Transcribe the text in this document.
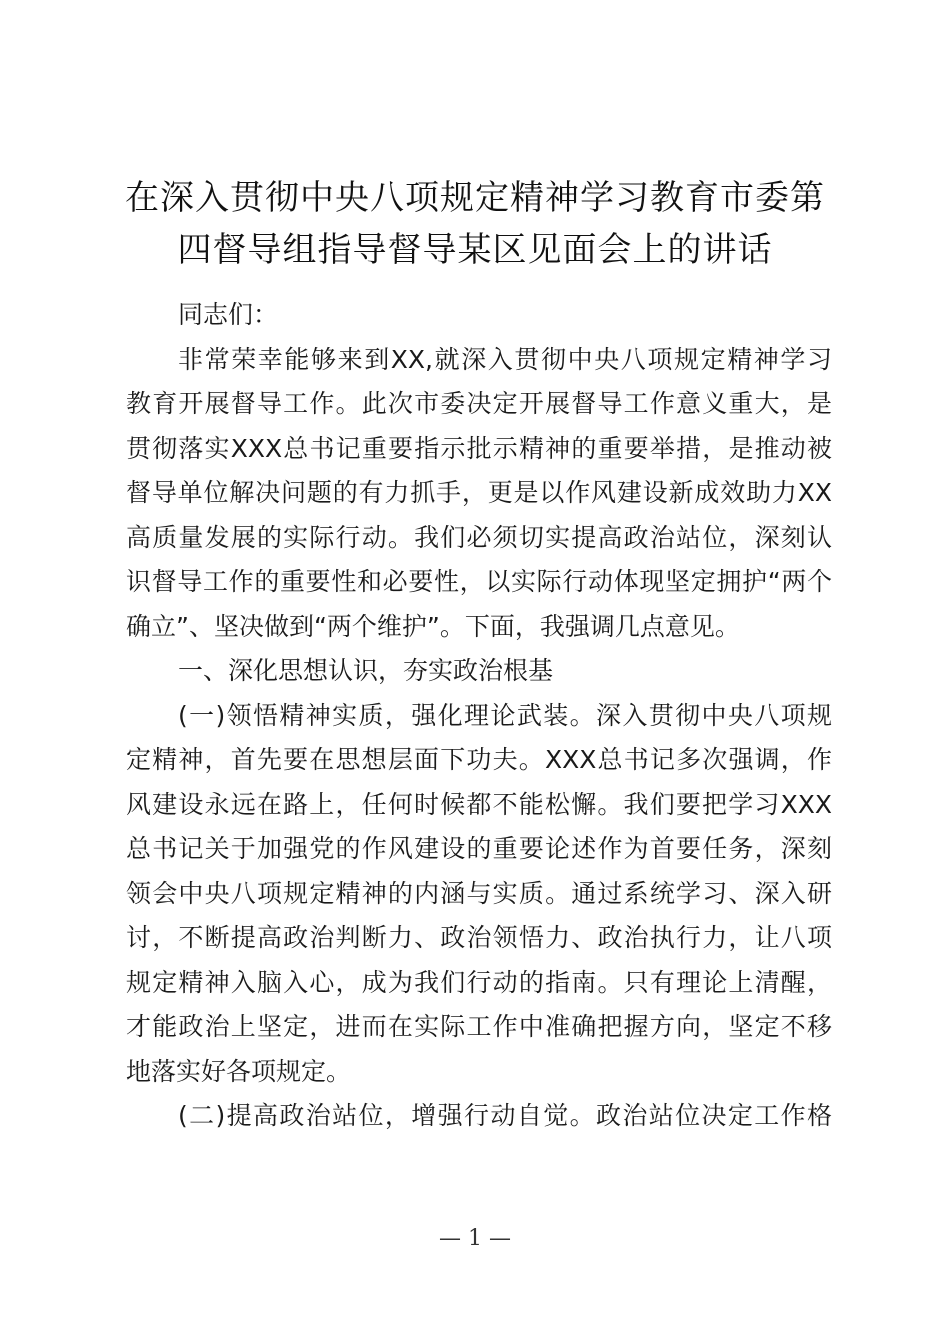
在深入贯彻中央八项规定精神学习教育市委第
四督导组指导督导某区见面会上的讲话
同志们：
非常荣幸能够来到XX,就深入贯彻中央八项规定精神学习
教育开展督导工作。此次市委决定开展督导工作意义重大，是
贯彻落实XXX总书记重要指示批示精神的重要举措，是推动被
督导单位解决问题的有力抓手，更是以作风建设新成效助力XX
高质量发展的实际行动。我们必须切实提高政治站位，深刻认
识督导工作的重要性和必要性，以实际行动体现坚定拥护“两个
确立”、坚决做到“两个维护”。下面，我强调几点意见。
一、深化思想认识，夯实政治根基
(一)领悟精神实质，强化理论武装。深入贯彻中央八项规
定精神，首先要在思想层面下功夫。XXX总书记多次强调，作
风建设永远在路上，任何时候都不能松懈。我们要把学习XXX
总书记关于加强党的作风建设的重要论述作为首要任务，深刻
领会中央八项规定精神的内涵与实质。通过系统学习、深入研
讨，不断提高政治判断力、政治领悟力、政治执行力，让八项
规定精神入脑入心，成为我们行动的指南。只有理论上清醒，
才能政治上坚定，进而在实际工作中准确把握方向，坚定不移
地落实好各项规定。
(二)提高政治站位，增强行动自觉。政治站位决定工作格
— 1 —
